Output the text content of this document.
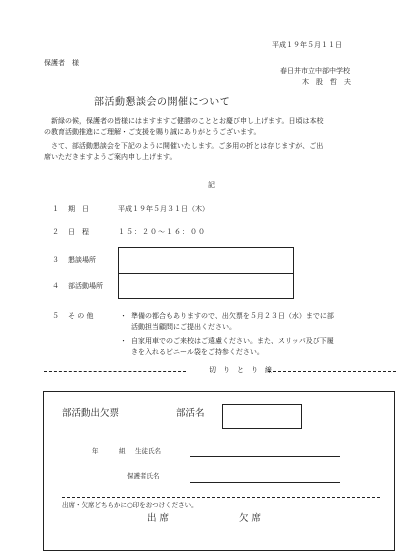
平成１９年５月１１日
保護者　様
春日井市立中部中学校
木　股　哲　夫
部活動懇談会の開催について
新緑の候，保護者の皆様にはますますご健勝のこととお慶び申し上げます。日頃は本校
の教育活動推進にご理解・ご支援を賜り誠にありがとうございます。
さて、部活動懇談会を下記のように開催いたします。ご多用の折とは存じますが、ご出
席いただきますようご案内申し上げます。
記
１ 期　日	平成１９年５月３１日（木）
２ 日　程	１５：２０～１６：００
３ 懇談場所
４ 部活動場所
５ そ の 他	・ 準備の都合もありますので、出欠票を５月２３日（水）までに部
活動担当顧問にご提出ください。
・ 自家用車でのご来校はご遠慮ください。また、スリッパ及び下履
きを入れるビニール袋をご持参ください。
切　り　と　り　線
部活動出欠票	部活名
年	組 生徒氏名
保護者氏名
出席・欠席どちらかに○印をおつけください。
出席	欠席
